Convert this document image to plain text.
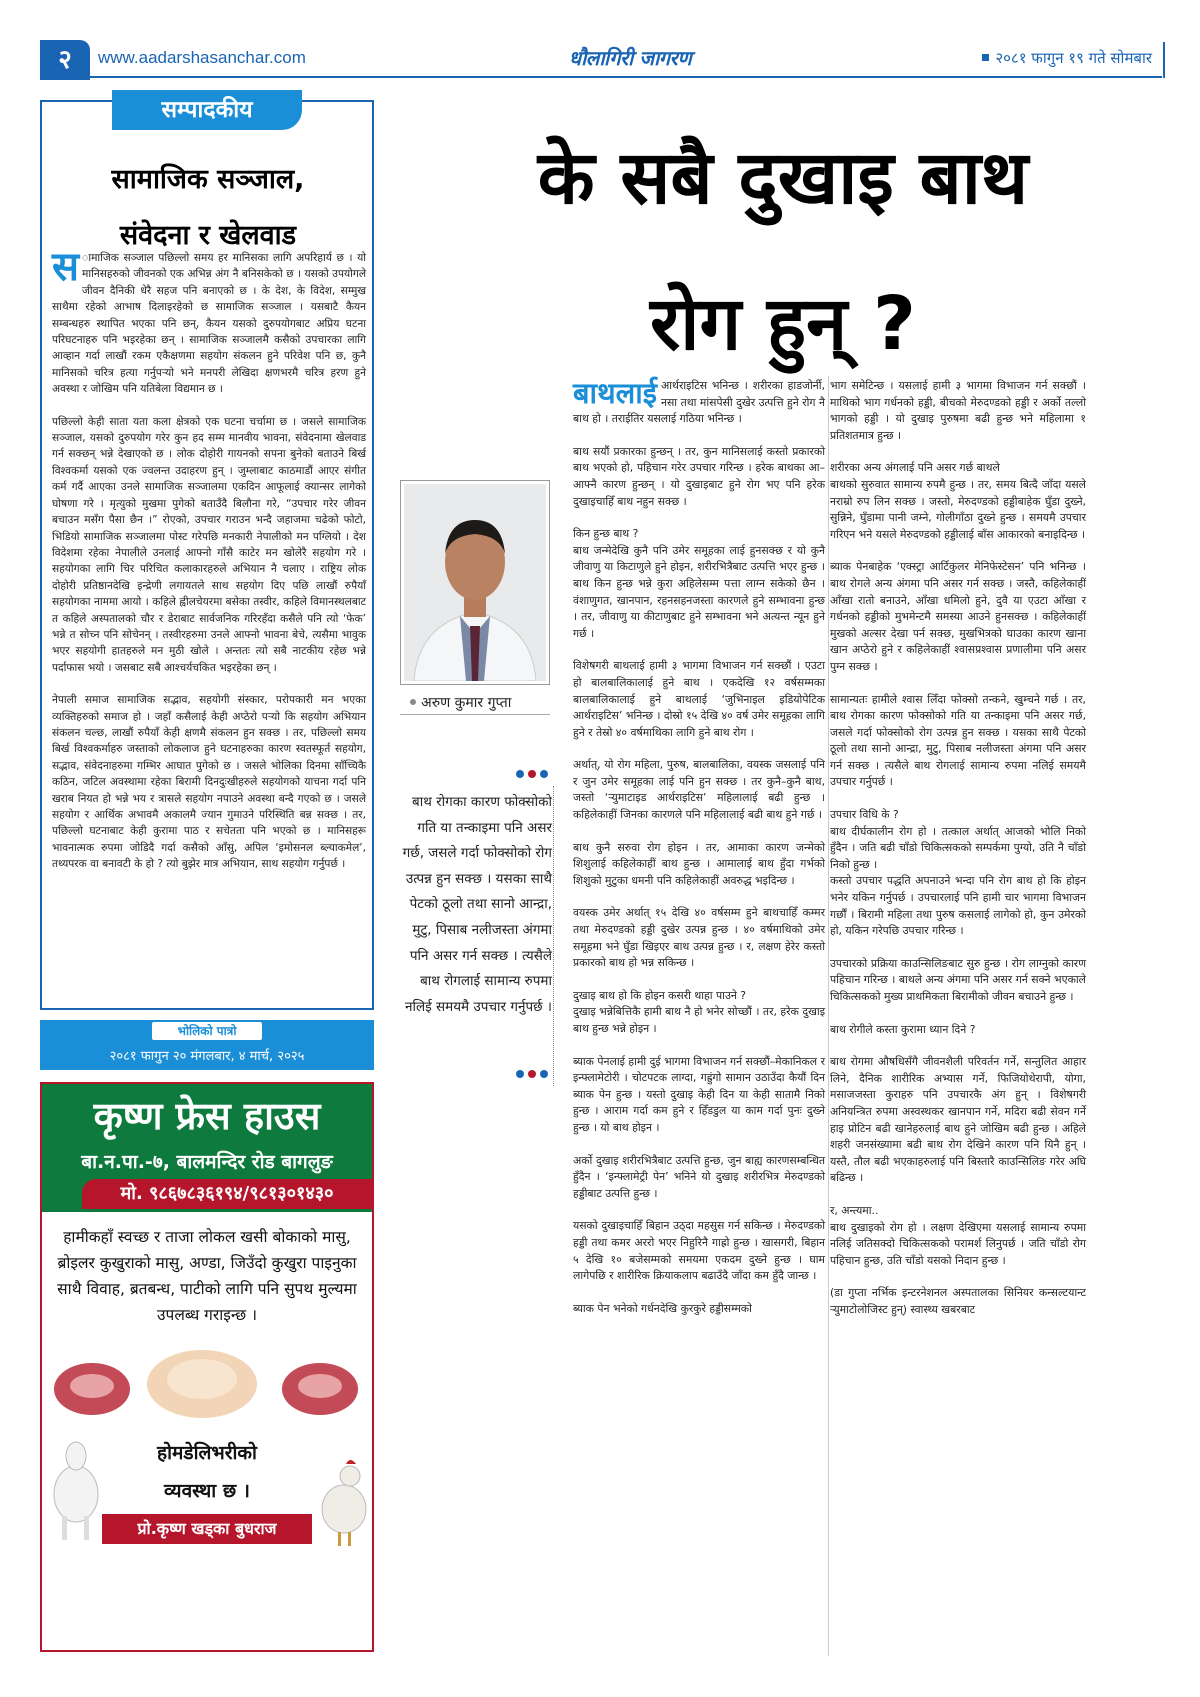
२	www.aadarshasanchar.com	धौलागिरी जागरण	२०८१ फागुन १९ गते सोमबार
सम्पादकीय
सामाजिक सञ्जाल,
संवेदना र खेलवाड

स ामाजिक सञ्जाल पछिल्लो समय हर मानिसका लागि अपरिहार्य छ । यो मानिसहरुको जीवनको एक अभिन्न अंग नै बनिसकेको छ । यसको उपयोगले जीवन दैनिकी धेरै सहज पनि बनाएको छ । के देश, के विदेश, सम्मुख साथैमा रहेको आभाष दिलाइरहेको छ सामाजिक सञ्जाल । यसबाटै कैयन सम्बन्धहरु स्थापित भएका पनि छन्, कैयन यसको दुरुपयोगबाट अप्रिय घटना परिघटनाहरु पनि भइरहेका छन् । सामाजिक सञ्जालमै कसैको उपचारका लागि आव्हान गर्दा लाखौं रकम एकैक्षणमा सहयोग संकलन हुने परिवेश पनि छ, कुनै मानिसको चरित्र हत्या गर्नुपर्‍यो भने मनपरी लेखिदा क्षणभरमै चरित्र हरण हुने अवस्था र जोखिम पनि यतिबेला विद्यमान छ ।

पछिल्लो केही साता यता कला क्षेत्रको एक घटना चर्चामा छ । जसले सामाजिक सञ्जाल, यसको दुरुपयोग गरेर कुन हद सम्म मानवीय भावना, संवेदनामा खेलवाड गर्न सक्छन् भन्ने देखाएको छ । लोक दोहोरी गायनको सपना बुनेको बताउने बिर्ख विश्वकर्मा यसको एक ज्वलन्त उदाहरण हुन् । जुम्लाबाट काठमाडौं आएर संगीत कर्म गर्दै आएका उनले सामाजिक सञ्जालमा एकदिन आफूलाई क्यान्सर लागेको घोषणा गरे । मृत्युको मुखमा पुगेको बताउँदै बिलौना गरे, “उपचार गरेर जीवन बचाउन मसँग पैसा छैन ।” रोएको, उपचार गराउन भन्दै जहाजमा चढेको फोटो, भिडियो सामाजिक सञ्जालमा पोस्ट गरेपछि मनकारी नेपालीको मन पग्लियो । देश विदेशमा रहेका नेपालीले उनलाई आफ्नो गाँसै काटेर मन खोलेरै सहयोग गरे । सहयोगका लागि चिर परिचित कलाकारहरुले अभियान नै चलाए । राष्ट्रिय लोक दोहोरी प्रतिष्ठानदेखि इन्द्रेणी लगायतले साथ सहयोग दिए पछि लाखौं रुपैयाँ सहयोगका नाममा आयो । कहिले ह्वीलचेयरमा बसेका तस्वीर, कहिले विमानस्थलबाट त कहिले अस्पतालको चौर र डेराबाट सार्वजनिक गरिरहँदा कसैले पनि त्यो ‘फेक’ भन्ने त सोच्न पनि सोचेनन् । तस्वीरहरुमा उनले आफ्नो भावना बेचे, त्यसैमा भावुक भएर सहयोगी हातहरुले मन मुठी खोले । अन्ततः त्यो सबै नाटकीय रहेछ भन्ने पर्दाफास भयो । जसबाट सबै आश्चर्यचकित भइरहेका छन् ।

नेपाली समाज सामाजिक सद्भाव, सहयोगी संस्कार, परोपकारी मन भएका व्यक्तिहरुको समाज हो । जहाँ कसैलाई केही अप्ठेरो पर्‍यो कि सहयोग अभियान संकलन चल्छ, लाखौं रुपैयाँ केही क्षणमै संकलन हुन सक्छ । तर, पछिल्लो समय बिर्ख विश्वकर्माहरु जस्ताको लोकलाज हुने घटनाहरुका कारण स्वतस्फूर्त सहयोग, सद्भाव, संवेदनाहरुमा गम्भिर आघात पुगेको छ । जसले भोलिका दिनमा साँच्चिकै कठिन, जटिल अवस्थामा रहेका बिरामी दिनदुःखीहरुले सहयोगको याचना गर्दा पनि खराब नियत हो भन्ने भय र त्रासले सहयोग नपाउने अवस्था बन्दै गएको छ । जसले सहयोग र आर्थिक अभावमै अकालमै ज्यान गुमाउने परिस्थिति बन्न सक्छ । तर, पछिल्लो घटनाबाट केही कुरामा पाठ र सचेतता पनि भएको छ । मानिसहरू भावनात्मक रुपमा जोडिदै गर्दा कसैको आँसु, अपिल ‘इमोसनल ब्ल्याकमेल’, तथ्यपरक वा बनावटी के हो ? त्यो बुझेर मात्र अभियान, साथ सहयोग गर्नुपर्छ ।

भोलिको पात्रो
२०८१ फागुन २० मंगलबार, ४ मार्च, २०२५
कृष्ण फ्रेस हाउस
बा.न.पा.-७, बालमन्दिर रोड बागलुङ
मो. ९८६७८३६१९४/९८१३०१४३०
हामीकहाँ स्वच्छ र ताजा लोकल खसी बोकाको मासु, ब्रोइलर कुखुराको मासु, अण्डा, जिउँदो कुखुरा पाइनुका साथै विवाह, ब्रतबन्ध, पाटीको लागि पनि सुपथ मुल्यमा उपलब्ध गराइन्छ ।
होमडेलिभरीको
व्यवस्था छ ।
प्रो.कृष्ण खड्का बुधराज
के सबै दुखाइ बाथ
रोग हुन् ?
अरुण कुमार गुप्ता
बाथ रोगका कारण फोक्सोको गति या तन्काइमा पनि असर गर्छ, जसले गर्दा फोक्सोको रोग उत्पन्न हुन सक्छ । यसका साथै पेटको ठूलो तथा सानो आन्द्रा, मुटु, पिसाब नलीजस्ता अंगमा पनि असर गर्न सक्छ । त्यसैले बाथ रोगलाई सामान्य रुपमा नलिई समयमै उपचार गर्नुपर्छ ।

बाथलाई आर्थराइटिस भनिन्छ । शरीरका हाडजोर्नी, नसा तथा मांसपेसी दुखेर उत्पत्ति हुने रोग नै बाथ हो । तराईतिर यसलाई गठिया भनिन्छ ।

बाथ सयौं प्रकारका हुन्छन् । तर, कुन मानिसलाई कस्तो प्रकारको बाथ भएको हो, पहिचान गरेर उपचार गरिन्छ । हरेक बाथका आ–आफ्नै कारण हुन्छन् । यो दुखाइबाट हुने रोग भए पनि हरेक दुखाइचाहिँ बाथ नहुन सक्छ ।

किन हुन्छ बाथ ?
बाथ जन्मेदेखि कुनै पनि उमेर समूहका लाई हुनसक्छ र यो कुनै जीवाणु या किटाणुले हुने होइन, शरीरभित्रैबाट उत्पत्ति भएर हुन्छ । बाथ किन हुन्छ भन्ने कुरा अहिलेसम्म पत्ता लाग्न सकेको छैन । वंशाणुगत, खानपान, रहनसहनजस्ता कारणले हुने सम्भावना हुन्छ । तर, जीवाणु या कीटाणुबाट हुने सम्भावना भने अत्यन्त न्यून हुने गर्छ ।

विशेषगरी बाथलाई हामी ३ भागमा विभाजन गर्न सक्छौं । एउटा हो बालबालिकालाई हुने बाथ । एकदेखि १२ वर्षसम्मका बालबालिकालाई हुने बाथलाई ‘जुभिनाइल इडियोपेटिक आर्थराइटिस’ भनिन्छ । दोस्रो १५ देखि ४० वर्ष उमेर समूहका लागि हुने र तेस्रो ४० वर्षमाथिका लागि हुने बाथ रोग ।

अर्थात्, यो रोग महिला, पुरुष, बालबालिका, वयस्क जसलाई पनि र जुन उमेर समूहका लाई पनि हुन सक्छ । तर कुनै–कुनै बाथ, जस्तो ‘र्‍युमाटाइड आर्थराइटिस’ महिलालाई बढी हुन्छ । कहिलेकाहीं जिनका कारणले पनि महिलालाई बढी बाथ हुने गर्छ ।

बाथ कुनै सरुवा रोग होइन । तर, आमाका कारण जन्मेको शिशुलाई कहिलेकाहीं बाथ हुन्छ । आमालाई बाथ हुँदा गर्भको शिशुको मुटुका धमनी पनि कहिलेकाहीं अवरुद्ध भइदिन्छ ।

वयस्क उमेर अर्थात् १५ देखि ४० वर्षसम्म हुने बाथचाहिँ कम्मर तथा मेरुदण्डको हड्डी दुखेर उत्पन्न हुन्छ । ४० वर्षमाथिको उमेर समूहमा भने घुँडा खिइएर बाथ उत्पन्न हुन्छ । र, लक्षण हेरेर कस्तो प्रकारको बाथ हो भन्न सकिन्छ ।

दुखाइ बाथ हो कि होइन कसरी थाहा पाउने ?
दुखाइ भन्नेबित्तिकै हामी बाथ नै हो भनेर सोच्छौं । तर, हरेक दुखाइ बाथ हुन्छ भन्ने होइन ।

ब्याक पेनलाई हामी दुई भागमा विभाजन गर्न सक्छौं–मेकानिकल र इन्फ्लामेटोरी । चोटपटक लाग्दा, गह्रुंगो सामान उठाउँदा कैयौं दिन ब्याक पेन हुन्छ । यस्तो दुखाइ केही दिन या केही सातामै निको हुन्छ । आराम गर्दा कम हुने र हिँडडुल या काम गर्दा पुनः दुख्ने हुन्छ । यो बाथ होइन ।

अर्को दुखाइ शरीरभित्रैबाट उत्पत्ति हुन्छ, जुन बाह्य कारणसम्बन्धित हुँदैन । ‘इन्फ्लामेट्री पेन’ भनिने यो दुखाइ शरीरभित्र मेरुदण्डको हड्डीबाट उत्पत्ति हुन्छ ।

यसको दुखाइचाहिँ बिहान उठ्दा महसुस गर्न सकिन्छ । मेरुदण्डको हड्डी तथा कमर अररो भएर निहुरिनै गाह्रो हुन्छ । खासगरी, बिहान ५ देखि १० बजेसम्मको समयमा एकदम दुख्ने हुन्छ । घाम लागेपछि र शारीरिक क्रियाकलाप बढाउँदै जाँदा कम हुँदै जान्छ ।

ब्याक पेन भनेको गर्धनदेखि कुरकुरे हड्डीसम्मको

भाग समेटिन्छ । यसलाई हामी ३ भागमा विभाजन गर्न सक्छौं । माथिको भाग गर्धनको हड्डी, बीचको मेरुदण्डको हड्डी र अर्को तल्लो भागको हड्डी । यो दुखाइ पुरुषमा बढी हुन्छ भने महिलामा १ प्रतिशतमात्र हुन्छ ।

शरीरका अन्य अंगलाई पनि असर गर्छ बाथले
बाथको सुरुवात सामान्य रुपमै हुन्छ । तर, समय बित्दै जाँदा यसले नराम्रो रुप लिन सक्छ । जस्तो, मेरुदण्डको हड्डीबाहेक घुँडा दुख्ने, सुन्निने, घुँडामा पानी जम्ने, गोलीगाँठा दुख्ने हुन्छ । समयमै उपचार गरिएन भने यसले मेरुदण्डको हड्डीलाई बाँस आकारको बनाइदिन्छ ।

ब्याक पेनबाहेक ‘एक्स्ट्रा आर्टिकुलर मेनिफेस्टेसन’ पनि भनिन्छ । बाथ रोगले अन्य अंगमा पनि असर गर्न सक्छ । जस्तै, कहिलेकाहीं आँखा रातो बनाउने, आँखा धमिलो हुने, दुवै या एउटा आँखा र गर्धनको हड्डीको मुभमेन्टमै समस्या आउने हुनसक्छ । कहिलेकाहीं मुखको अल्सर देखा पर्न सक्छ, मुखभित्रको घाउका कारण खाना खान अप्ठेरो हुने र कहिलेकाहीं श्वासप्रश्वास प्रणालीमा पनि असर पुग्न सक्छ ।

सामान्यतः हामीले श्वास लिँदा फोक्सो तन्कने, खुम्चने गर्छ । तर, बाथ रोगका कारण फोक्सोको गति या तन्काइमा पनि असर गर्छ, जसले गर्दा फोक्सोको रोग उत्पन्न हुन सक्छ । यसका साथै पेटको ठूलो तथा सानो आन्द्रा, मुटु, पिसाब नलीजस्ता अंगमा पनि असर गर्न सक्छ । त्यसैले बाथ रोगलाई सामान्य रुपमा नलिई समयमै उपचार गर्नुपर्छ ।

उपचार विधि के ?
बाथ दीर्घकालीन रोग हो । तत्काल अर्थात् आजको भोलि निको हुँदैन । जति बढी चाँडो चिकित्सकको सम्पर्कमा पुग्यो, उति नै चाँडो निको हुन्छ ।
कस्तो उपचार पद्धति अपनाउने भन्दा पनि रोग बाथ हो कि होइन भनेर यकिन गर्नुपर्छ । उपचारलाई पनि हामी चार भागमा विभाजन गर्छौं । बिरामी महिला तथा पुरुष कसलाई लागेको हो, कुन उमेरको हो, यकिन गरेपछि उपचार गरिन्छ ।

उपचारको प्रक्रिया काउन्सिलिङबाट सुरु हुन्छ । रोग लाग्नुको कारण पहिचान गरिन्छ । बाथले अन्य अंगमा पनि असर गर्न सक्ने भएकाले चिकित्सकको मुख्य प्राथमिकता बिरामीको जीवन बचाउने हुन्छ ।

बाथ रोगीले कस्ता कुरामा ध्यान दिने ?

बाथ रोगमा औषधिसँगै जीवनशैली परिवर्तन गर्ने, सन्तुलित आहार लिने, दैनिक शारीरिक अभ्यास गर्ने, फिजियोथेरापी, योगा, मसाजजस्ता कुराहरु पनि उपचारकै अंग हुन् । विशेषगरी अनियन्त्रित रुपमा अस्वस्थकर खानपान गर्ने, मदिरा बढी सेवन गर्ने हाइ प्रोटिन बढी खानेहरुलाई बाथ हुने जोखिम बढी हुन्छ । अहिले शहरी जनसंख्यामा बढी बाथ रोग देखिने कारण पनि यिनै हुन् । यस्तै, तौल बढी भएकाहरुलाई पनि बिस्तारै काउन्सिलिङ गरेर अघि बढिन्छ ।

र, अन्त्यमा..
बाथ दुखाइको रोग हो । लक्षण देखिएमा यसलाई सामान्य रुपमा नलिई जतिसक्दो चिकित्सकको परामर्श लिनुपर्छ । जति चाँडो रोग पहिचान हुन्छ, उति चाँडो यसको निदान हुन्छ ।

(डा गुप्ता नर्भिक इन्टरनेशनल अस्पतालका सिनियर कन्सल्टयान्ट र्‍युमाटोलोजिस्ट हुन्) स्वास्थ्य खबरबाट
